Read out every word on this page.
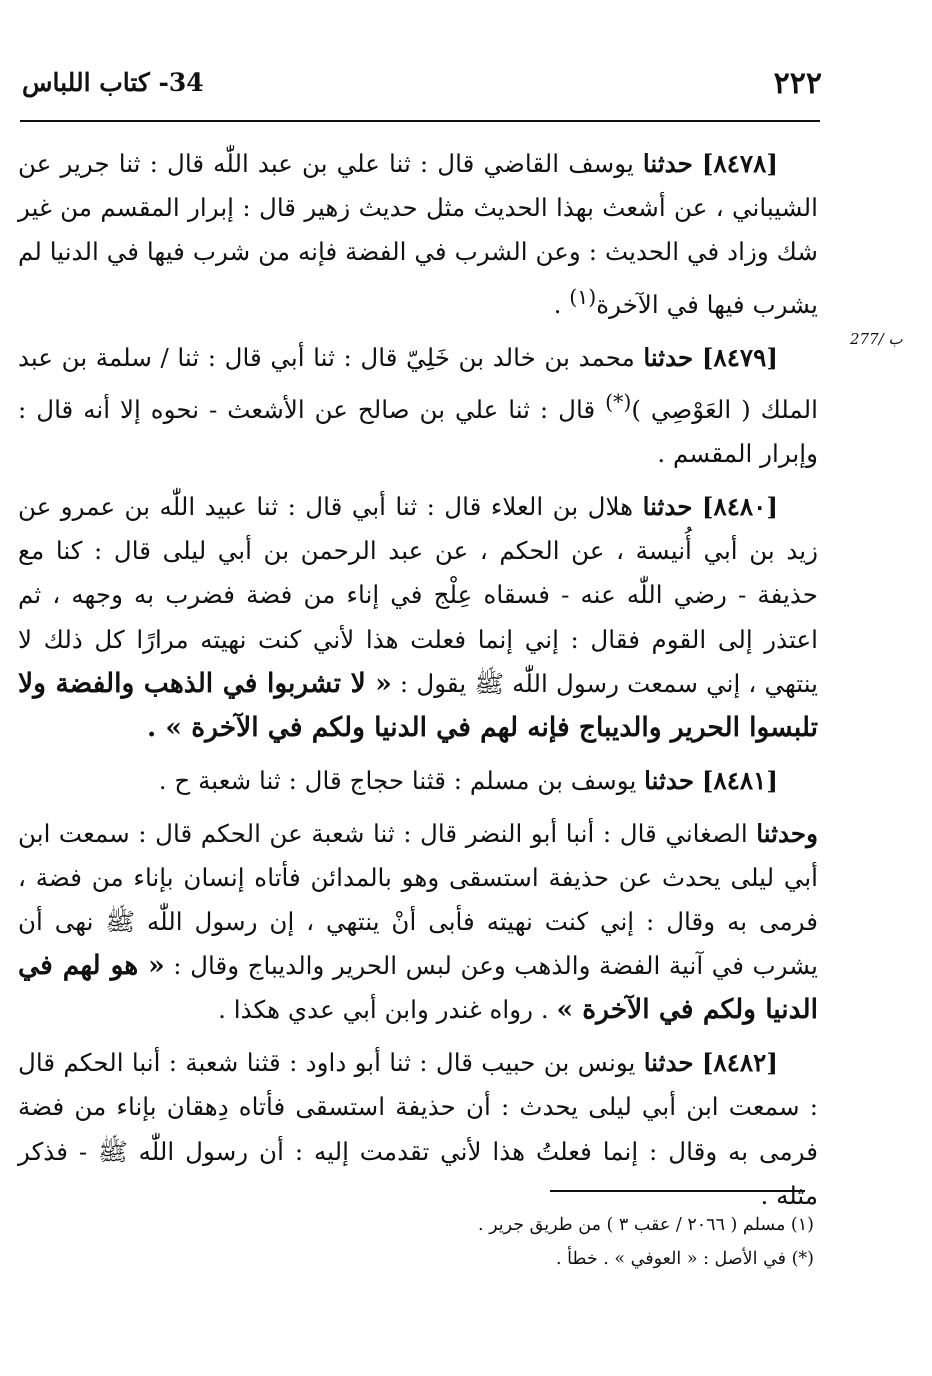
٢٢٢
34- كتاب اللباس
277/ ب

[٨٤٧٨] حدثنا يوسف القاضي قال : ثنا علي بن عبد اللّٰه قال : ثنا جرير عن الشيباني ، عن أشعث بهذا الحديث مثل حديث زهير قال : إبرار المقسم من غير شك وزاد في الحديث : وعن الشرب في الفضة فإنه من شرب فيها في الدنيا لم يشرب فيها في الآخرة$^{(١)}$ .

[٨٤٧٩] حدثنا محمد بن خالد بن خَلِيّ قال : ثنا أبي قال : ثنا / سلمة بن عبد الملك ( العَوْصِي )(*) قال : ثنا علي بن صالح عن الأشعث - نحوه إلا أنه قال : وإبرار المقسم .

[٨٤٨٠] حدثنا هلال بن العلاء قال : ثنا أبي قال : ثنا عبيد اللّٰه بن عمرو عن زيد بن أبي أُنيسة ، عن الحكم ، عن عبد الرحمن بن أبي ليلى قال : كنا مع حذيفة - رضي اللّٰه عنه - فسقاه عِلْج في إناء من فضة فضرب به وجهه ، ثم اعتذر إلى القوم فقال : إني إنما فعلت هذا لأني كنت نهيته مرارًا كل ذلك لا ينتهي ، إني سمعت رسول اللّٰه ﷺ يقول : « لا تشربوا في الذهب والفضة ولا تلبسوا الحرير والديباج فإنه لهم في الدنيا ولكم في الآخرة » .

[٨٤٨١] حدثنا يوسف بن مسلم : قثنا حجاج قال : ثنا شعبة ح .

وحدثنا الصغاني قال : أنبا أبو النضر قال : ثنا شعبة عن الحكم قال : سمعت ابن أبي ليلى يحدث عن حذيفة استسقى وهو بالمدائن فأتاه إنسان بإناء من فضة ، فرمى به وقال : إني كنت نهيته فأبى أنْ ينتهي ، إن رسول اللّٰه ﷺ نهى أن يشرب في آنية الفضة والذهب وعن لبس الحرير والديباج وقال : « هو لهم في الدنيا ولكم في الآخرة » . رواه غندر وابن أبي عدي هكذا .

[٨٤٨٢] حدثنا يونس بن حبيب قال : ثنا أبو داود : قثنا شعبة : أنبا الحكم قال : سمعت ابن أبي ليلى يحدث : أن حذيفة استسقى فأتاه دِهقان بإناء من فضة فرمى به وقال : إنما فعلتُ هذا لأني تقدمت إليه : أن رسول اللّٰه ﷺ - فذكر مثله .

(١) مسلم ( ٢٠٦٦ / عقب ٣ ) من طريق جرير .
(*) في الأصل : « العوفي » . خطأ .
